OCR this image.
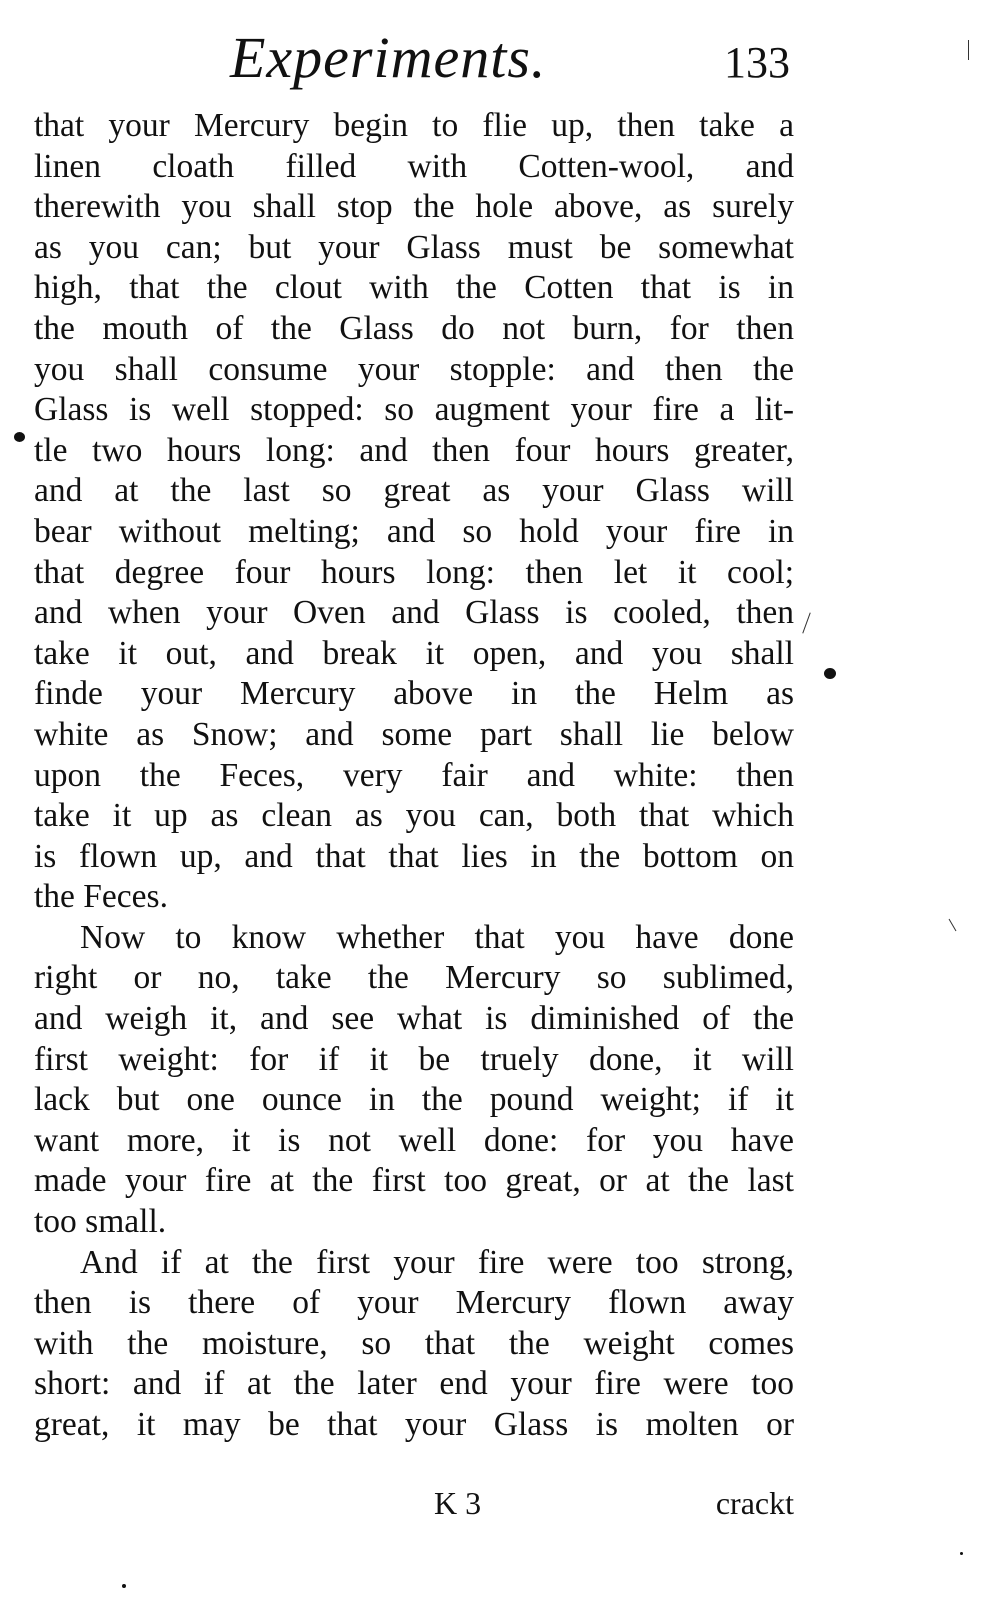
Experiments.	133
that your Mercury begin to flie up, then take a
linen cloath filled with Cotten-wool, and
therewith you shall stop the hole above, as surely
as you can; but your Glass must be somewhat
high, that the clout with the Cotten that is in
the mouth of the Glass do not burn, for then
you shall consume your stopple: and then the
Glass is well stopped: so augment your fire a lit-
tle two hours long: and then four hours greater,
and at the last so great as your Glass will
bear without melting; and so hold your fire in
that degree four hours long: then let it cool;
and when your Oven and Glass is cooled, then
take it out, and break it open, and you shall
finde your Mercury above in the Helm as
white as Snow; and some part shall lie below
upon the Feces, very fair and white: then
take it up as clean as you can, both that which
is flown up, and that that lies in the bottom on
the Feces.
Now to know whether that you have done
right or no, take the Mercury so sublimed,
and weigh it, and see what is diminished of the
first weight: for if it be truely done, it will
lack but one ounce in the pound weight; if it
want more, it is not well done: for you have
made your fire at the first too great, or at the last
too small.
And if at the first your fire were too strong,
then is there of your Mercury flown away
with the moisture, so that the weight comes
short: and if at the later end your fire were too
great, it may be that your Glass is molten or
K 3	crackt
